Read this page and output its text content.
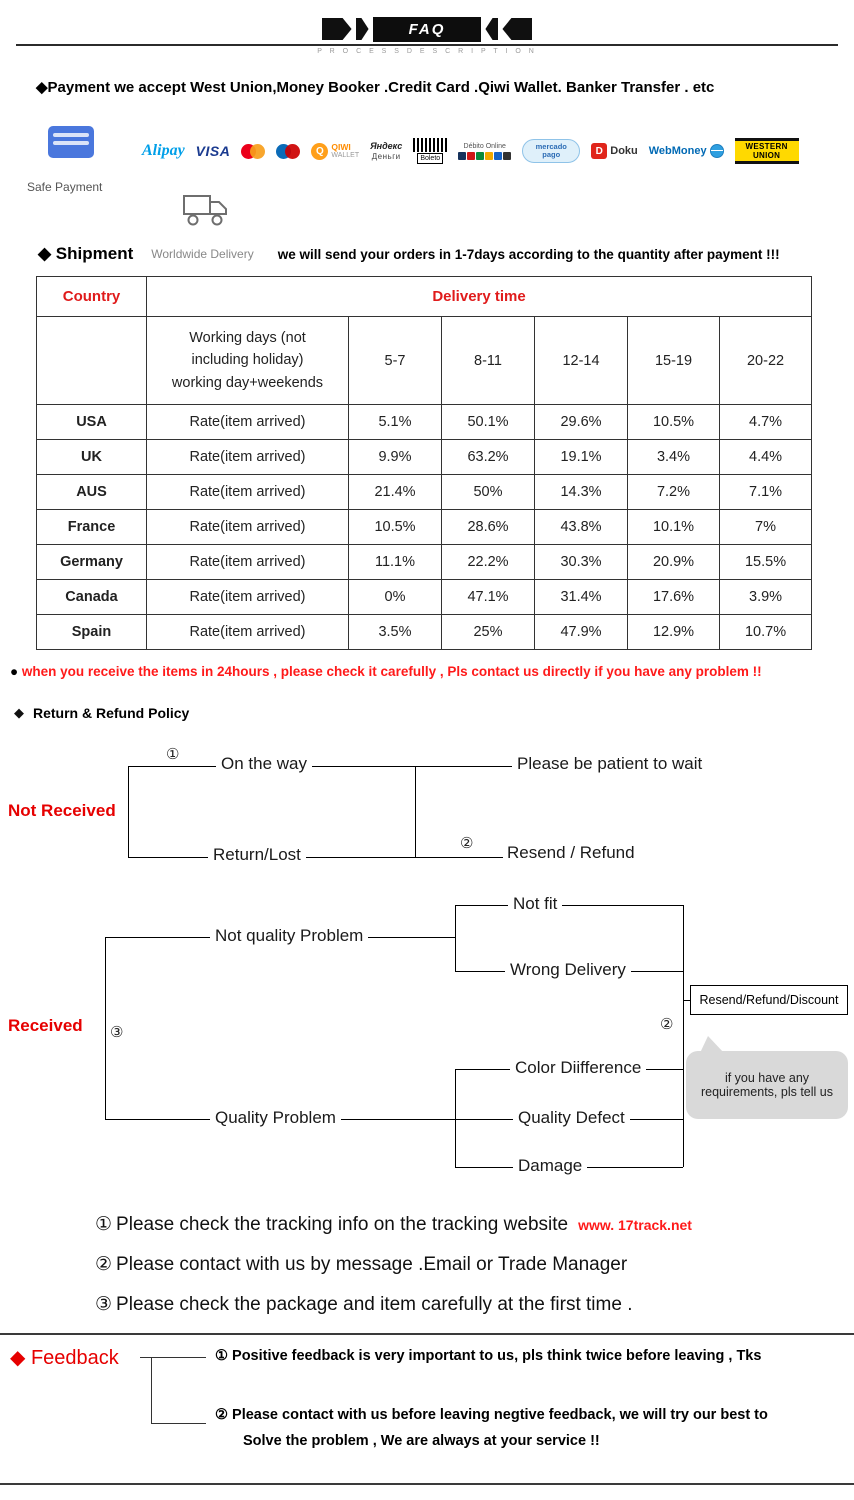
FAQ
P R O C E S S D E S C R I P T I O N
◆Payment we accept West Union,Money Booker .Credit Card .Qiwi Wallet. Banker Transfer . etc
Safe Payment
Alipay VISA	Q QIWI
WALLET
Яндекс
Деньги	Boleto
Débito Online	mercado
pago	D Doku WebMoney	WESTERN UNION
◆ Shipment Worldwide Delivery we will send your orders in 1-7days according to the quantity after payment !!!
Country	Delivery time					
	Working days (not including holiday) working day+weekends	5-7	8-11	12-14	15-19	20-22
USA	Rate(item arrived)	5.1%	50.1%	29.6%	10.5%	4.7%
UK	Rate(item arrived)	9.9%	63.2%	19.1%	3.4%	4.4%
AUS	Rate(item arrived)	21.4%	50%	14.3%	7.2%	7.1%
France	Rate(item arrived)	10.5%	28.6%	43.8%	10.1%	7%
Germany	Rate(item arrived)	11.1%	22.2%	30.3%	20.9%	15.5%
Canada	Rate(item arrived)	0%	47.1%	31.4%	17.6%	3.9%
Spain	Rate(item arrived)	3.5%	25%	47.9%	12.9%	10.7%
● when you receive the items in 24hours , please check it carefully , Pls contact us directly if you have any problem !!
◆ Return & Refund Policy
① On the way	Please be patient to wait
Not Received
Return/Lost
② Resend / Refund
Not quality Problem
Not fit
Wrong Delivery
Resend/Refund/Discount
②
Received ③
if you have any requirements, pls tell us
Color Diifference
Quality Problem	Quality Defect
Damage
① Please check the tracking info on the tracking website www. 17track.net
② Please contact with us by message .Email or Trade Manager
③ Please check the package and item carefully at the first time .
◆ Feedback	① Positive feedback is very important to us, pls think twice before leaving , Tks
② Please contact with us before leaving negtive feedback, we will try our best to
Solve the problem , We are always at your service !!
